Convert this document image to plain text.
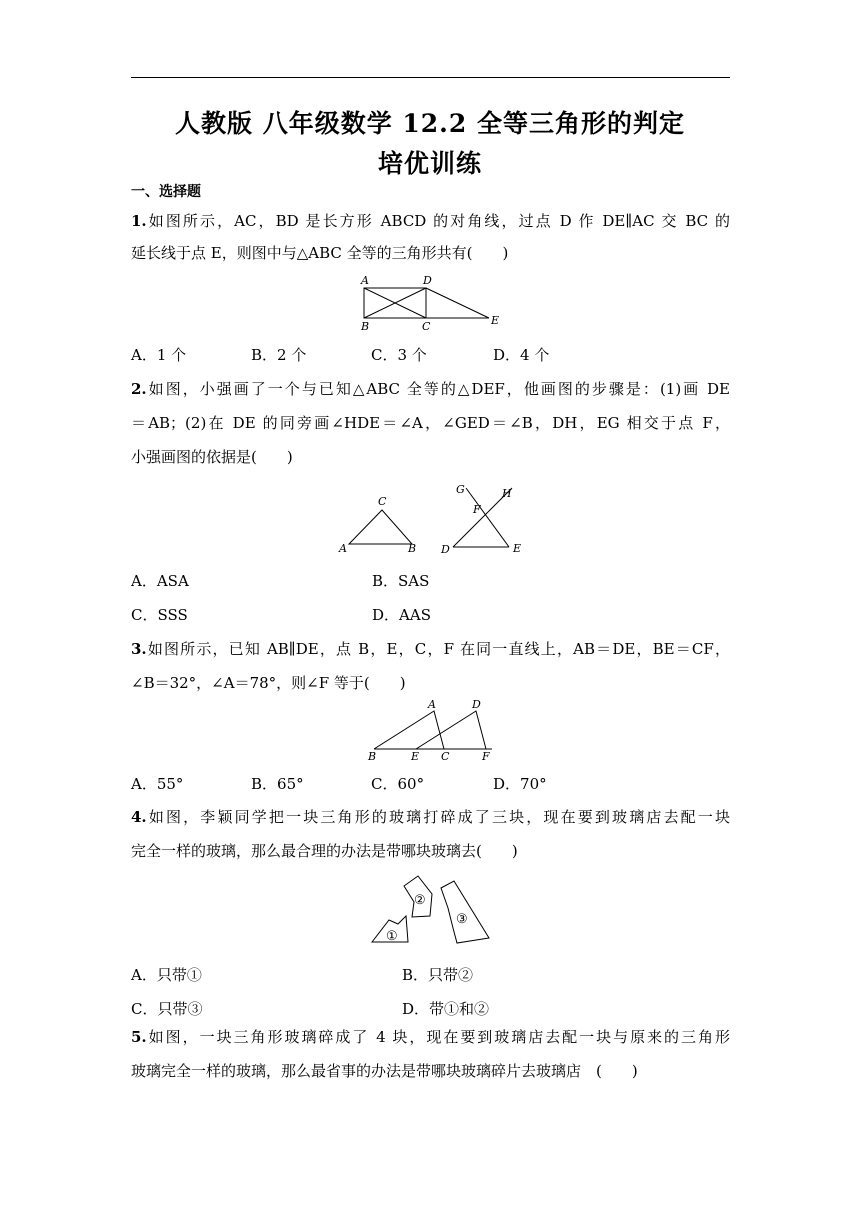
人教版 八年级数学 12.2 全等三角形的判定
培优训练
一、选择题
1.如图所示，AC，BD 是长方形 ABCD 的对角线，过点 D 作 DE∥AC 交 BC 的
延长线于点 E，则图中与△ABC 全等的三角形共有(　　)
A	D
B	C	E
A．1 个	B．2 个	C．3 个	D．4 个
2.如图，小强画了一个与已知△ABC 全等的△DEF，他画图的步骤是：(1)画 DE
＝AB；(2)在 DE 的同旁画∠HDE＝∠A，∠GED＝∠B，DH，EG 相交于点 F，
小强画图的依据是(　　)
C
A	B
G	H
F
D	E
A．ASA	B．SAS
C．SSS	D．AAS
3.如图所示，已知 AB∥DE，点 B，E，C，F 在同一直线上，AB＝DE，BE＝CF，
∠B＝32°，∠A＝78°，则∠F 等于(　　)
A	D
B	E C	F
A．55°	B．65°	C．60°	D．70°
4.如图，李颖同学把一块三角形的玻璃打碎成了三块，现在要到玻璃店去配一块
完全一样的玻璃，那么最合理的办法是带哪块玻璃去(　　)
①
②
③
A．只带①	B．只带②
C．只带③	D．带①和②
5.如图，一块三角形玻璃碎成了 4 块，现在要到玻璃店去配一块与原来的三角形
玻璃完全一样的玻璃，那么最省事的办法是带哪块玻璃碎片去玻璃店　(　　)
